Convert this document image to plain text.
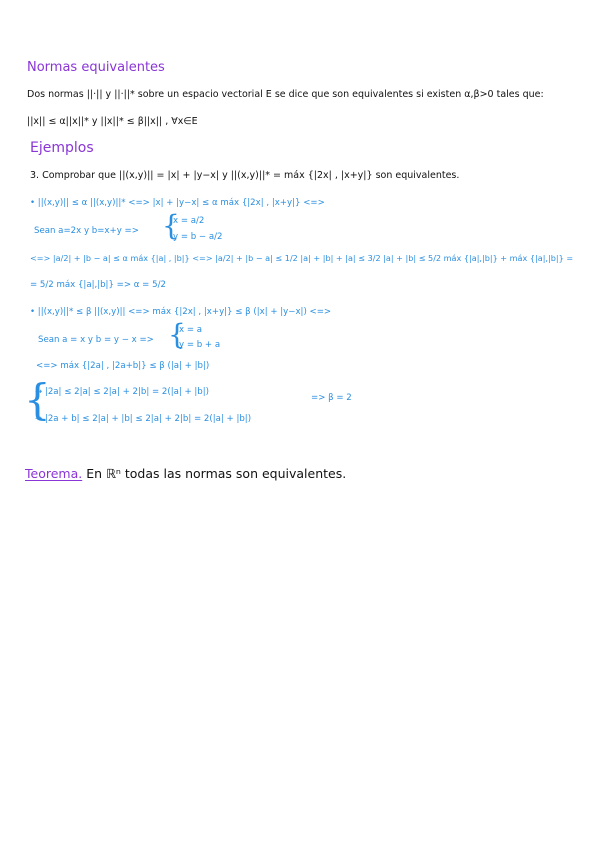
Normas equivalentes
Dos normas ||·|| y ||·||* sobre un espacio vectorial E se dice que son equivalentes si existen α,β>0 tales que:
||x|| ≤ α||x||* y ||x||* ≤ β||x|| , ∀x∈E
Ejemplos
3. Comprobar que ||(x,y)|| = |x| + |y−x| y ||(x,y)||* = máx {|2x| , |x+y|} son equivalentes.
• ||(x,y)|| ≤ α ||(x,y)||* <=> |x| + |y−x| ≤ α máx {|2x| , |x+y|} <=>
Sean a=2x y b=x+y => {
x = a/2
y = b − a/2
<=> |a/2| + |b − a| ≤ α máx {|a| , |b|} <=> |a/2| + |b − a| ≤ 1/2 |a| + |b| + |a| ≤ 3/2 |a| + |b| ≤ 5/2 máx {|a|,|b|} + máx {|a|,|b|} =
= 5/2 máx {|a|,|b|} => α = 5/2
• ||(x,y)||* ≤ β ||(x,y)|| <=> máx {|2x| , |x+y|} ≤ β (|x| + |y−x|) <=>
Sean a = x y b = y − x => {
x = a
y = b + a
<=> máx {|2a| , |2a+b|} ≤ β (|a| + |b|)
{
→ |2a| ≤ 2|a| ≤ 2|a| + 2|b| = 2(|a| + |b|)
→ |2a + b| ≤ 2|a| + |b| ≤ 2|a| + 2|b| = 2(|a| + |b|)
=> β = 2
Teorema. En ℝⁿ todas las normas son equivalentes.
